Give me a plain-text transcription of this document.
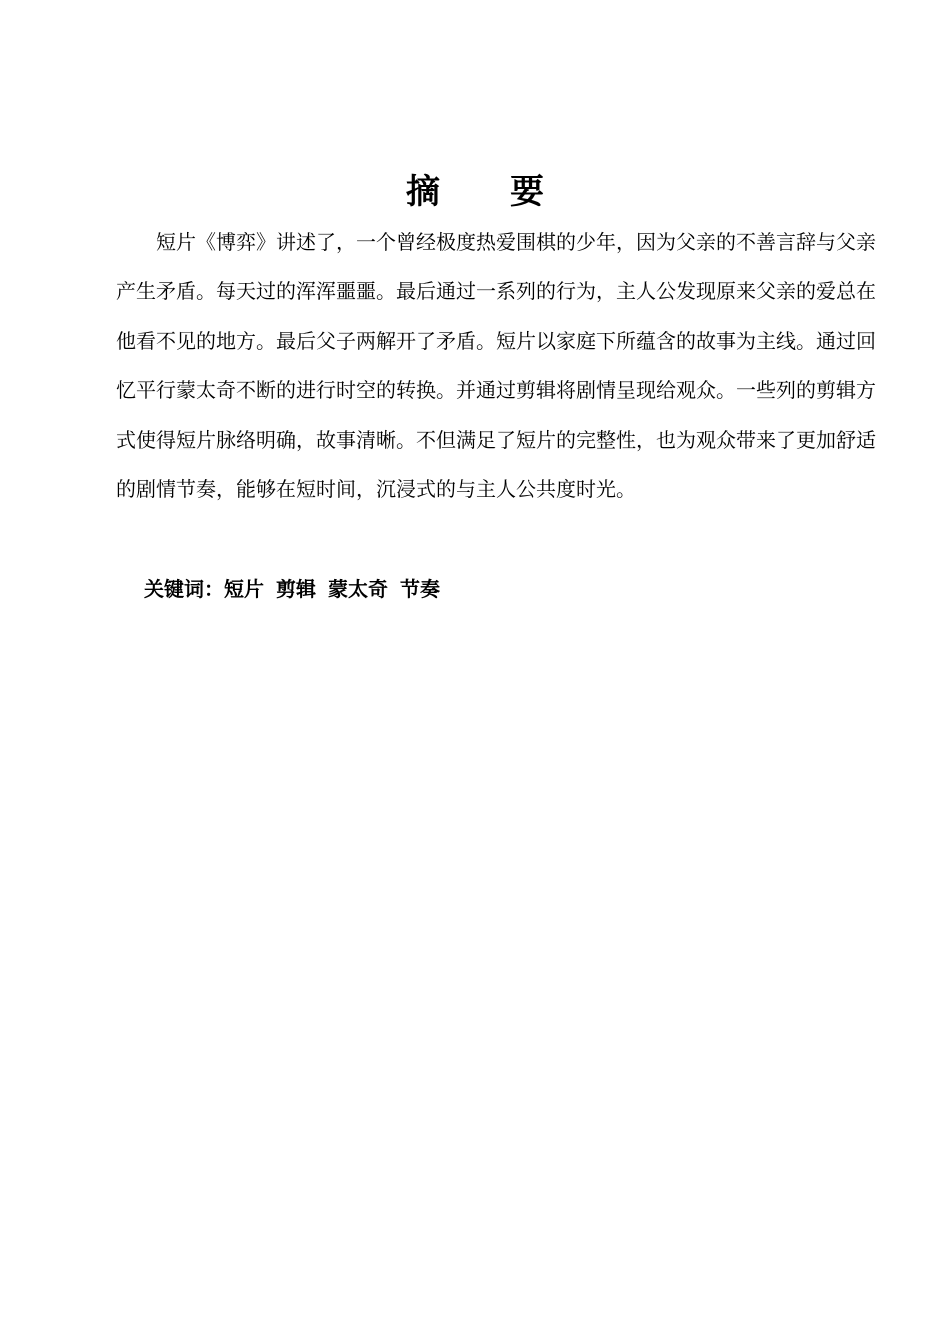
摘要

短片《博弈》讲述了，一个曾经极度热爱围棋的少年，因为父亲的不善言辞与父亲产生矛盾。每天过的浑浑噩噩。最后通过一系列的行为，主人公发现原来父亲的爱总在他看不见的地方。最后父子两解开了矛盾。短片以家庭下所蕴含的故事为主线。通过回忆平行蒙太奇不断的进行时空的转换。并通过剪辑将剧情呈现给观众。一些列的剪辑方式使得短片脉络明确，故事清晰。不但满足了短片的完整性，也为观众带来了更加舒适的剧情节奏，能够在短时间，沉浸式的与主人公共度时光。

关键词：短片 剪辑 蒙太奇 节奏
